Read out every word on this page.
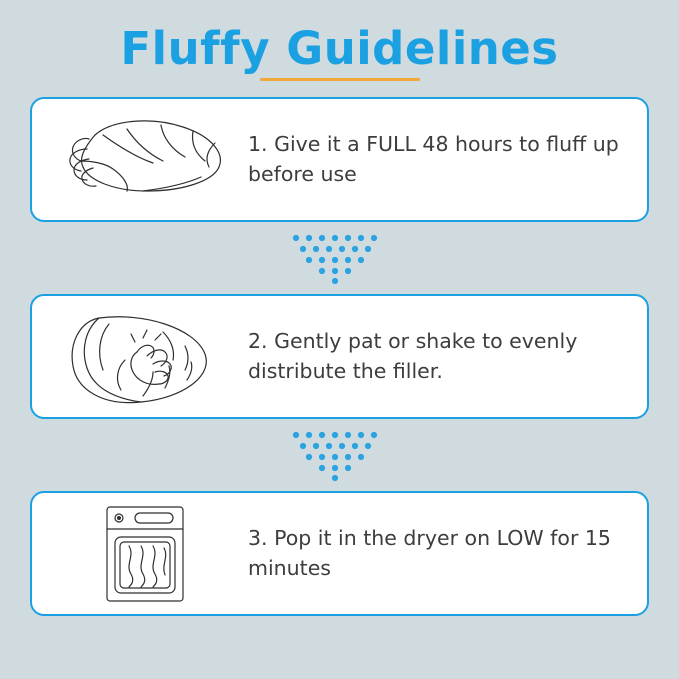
Fluffy Guidelines
1. Give it a FULL 48 hours to fluff up before use
2. Gently pat or shake to evenly distribute the filler.
3. Pop it in the dryer on LOW for 15 minutes
